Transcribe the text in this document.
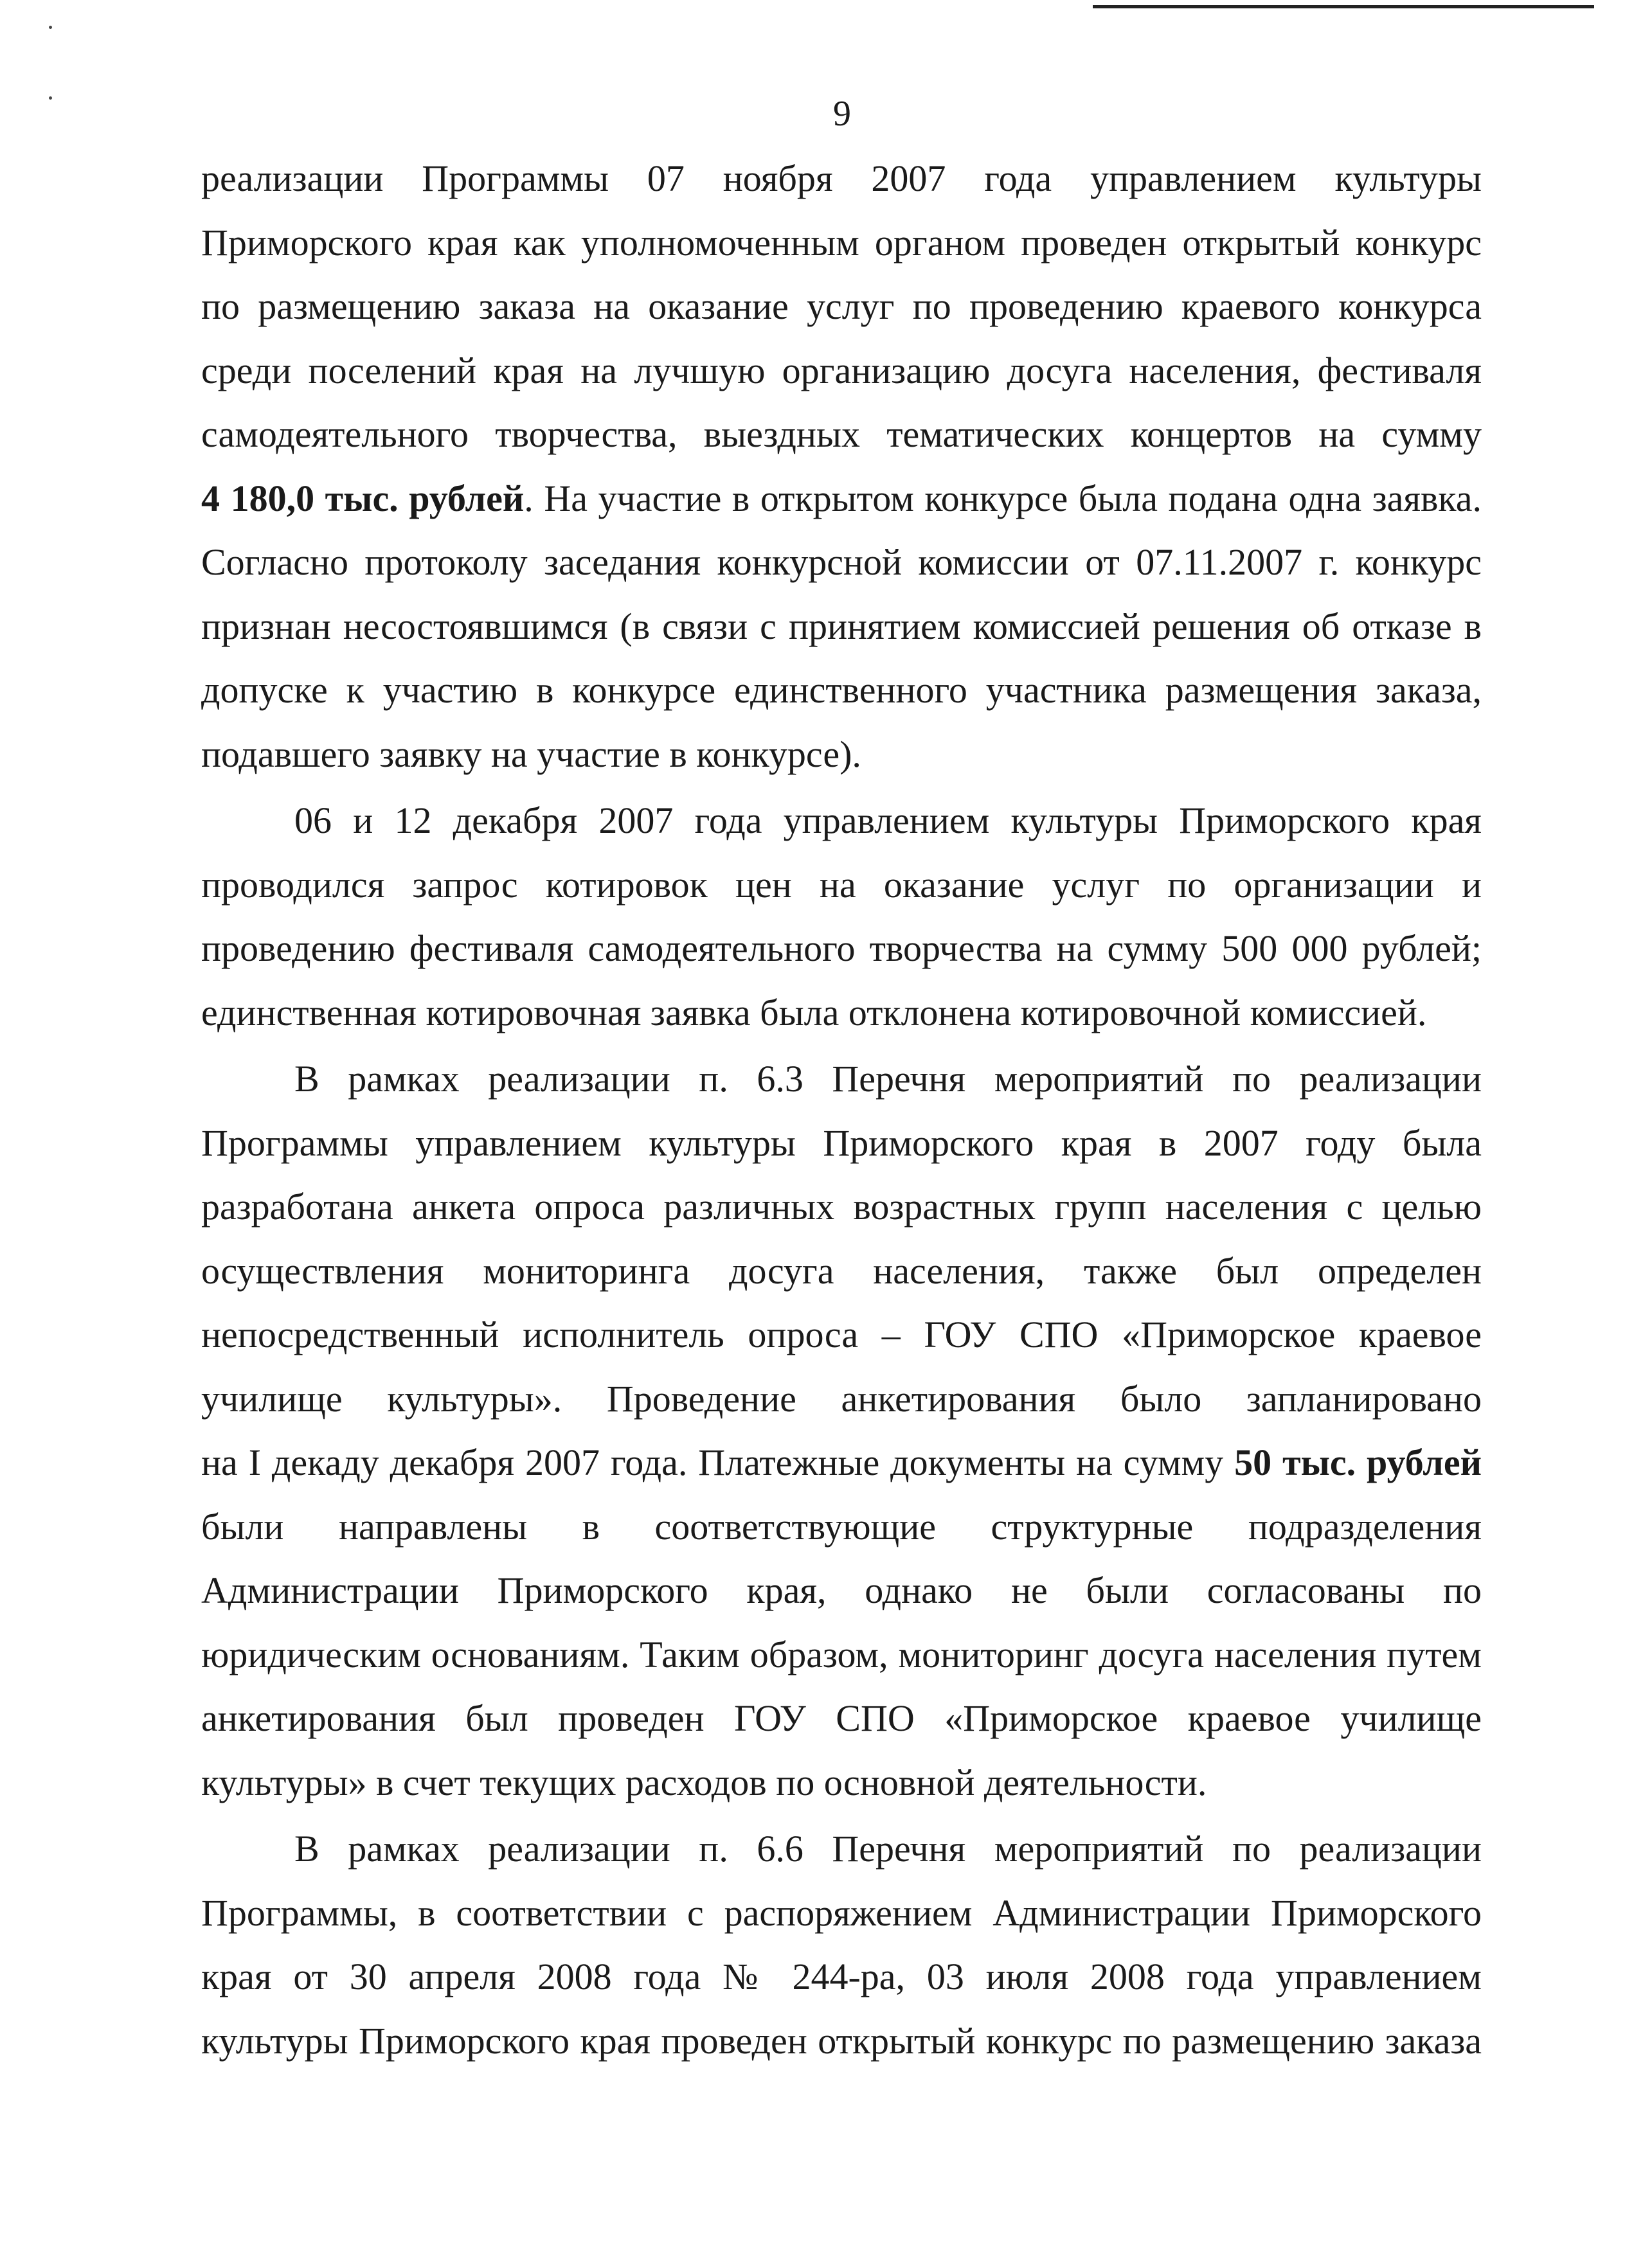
9
реализации Программы 07 ноября 2007 года управлением культуры
Приморского края как уполномоченным органом проведен открытый конкурс
по размещению заказа на оказание услуг по проведению краевого конкурса
среди поселений края на лучшую организацию досуга населения, фестиваля
самодеятельного творчества, выездных тематических концертов на сумму
4 180,0 тыс. рублей. На участие в открытом конкурсе была подана одна заявка.
Согласно протоколу заседания конкурсной комиссии от 07.11.2007 г. конкурс
признан несостоявшимся (в связи с принятием комиссией решения об отказе в
допуске к участию в конкурсе единственного участника размещения заказа,
подавшего заявку на участие в конкурсе).
06 и 12 декабря 2007 года управлением культуры Приморского края
проводился запрос котировок цен на оказание услуг по организации и
проведению фестиваля самодеятельного творчества на сумму 500 000 рублей;
единственная котировочная заявка была отклонена котировочной комиссией.
В рамках реализации п. 6.3 Перечня мероприятий по реализации
Программы управлением культуры Приморского края в 2007 году была
разработана анкета опроса различных возрастных групп населения с целью
осуществления мониторинга досуга населения, также был определен
непосредственный исполнитель опроса – ГОУ СПО «Приморское краевое
училище культуры». Проведение анкетирования было запланировано
на I декаду декабря 2007 года. Платежные документы на сумму 50 тыс. рублей
были направлены в соответствующие структурные подразделения
Администрации Приморского края, однако не были согласованы по
юридическим основаниям. Таким образом, мониторинг досуга населения путем
анкетирования был проведен ГОУ СПО «Приморское краевое училище
культуры» в счет текущих расходов по основной деятельности.
В рамках реализации п. 6.6 Перечня мероприятий по реализации
Программы, в соответствии с распоряжением Администрации Приморского
края от 30 апреля 2008 года № 244-ра, 03 июля 2008 года управлением
культуры Приморского края проведен открытый конкурс по размещению заказа
